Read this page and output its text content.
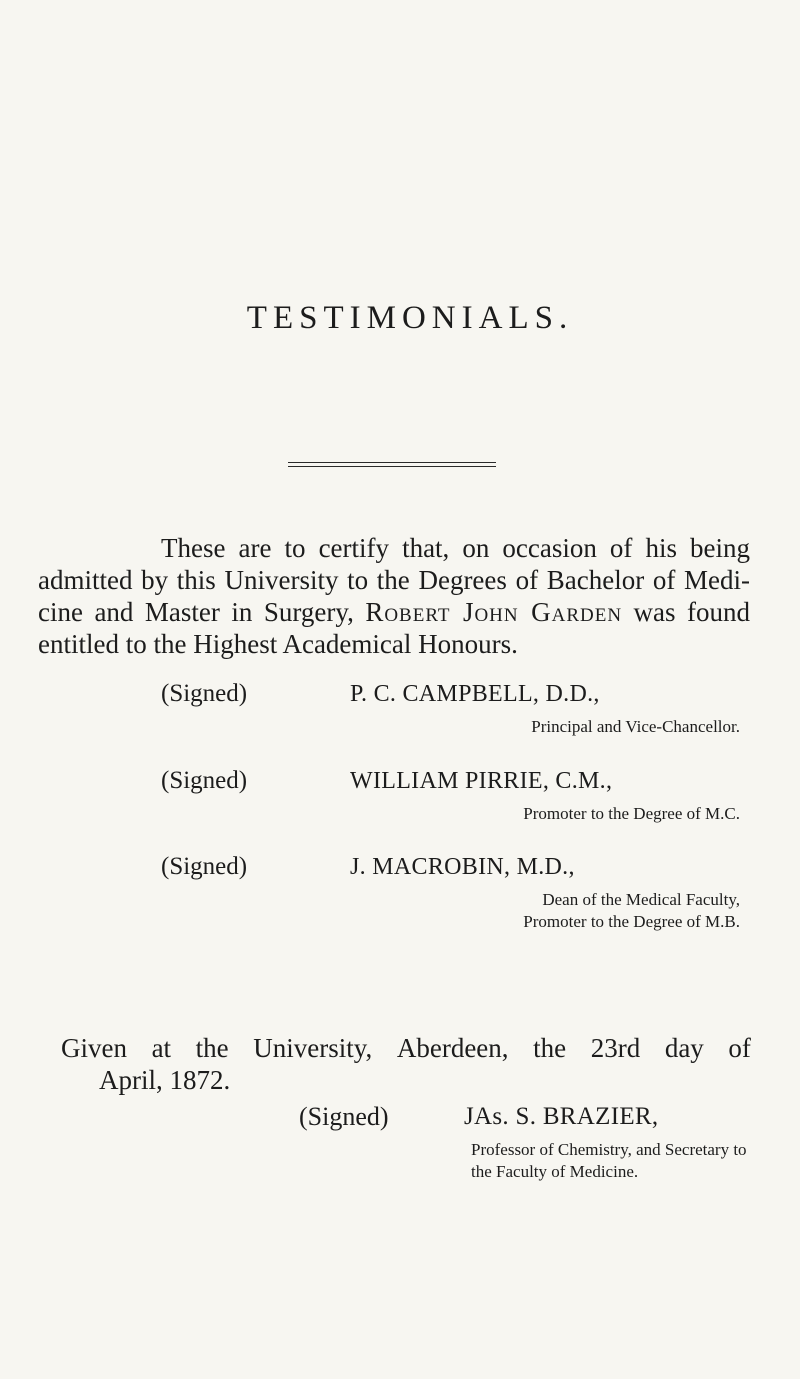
TESTIMONIALS.
These are to certify that, on occasion of his being admitted by this University to the Degrees of Bachelor of Medi-cine and Master in Surgery, Robert John Garden was found entitled to the Highest Academical Honours.
(Signed)	P. C. CAMPBELL, D.D.,
Principal and Vice-Chancellor.
(Signed)	WILLIAM PIRRIE, C.M.,
Promoter to the Degree of M.C.
(Signed)	J. MACROBIN, M.D.,
Dean of the Medical Faculty,
Promoter to the Degree of M.B.
Given at the University, Aberdeen, the 23rd day of
April, 1872.
(Signed)	JAs. S. BRAZIER,
Professor of Chemistry, and Secretary to
the Faculty of Medicine.
